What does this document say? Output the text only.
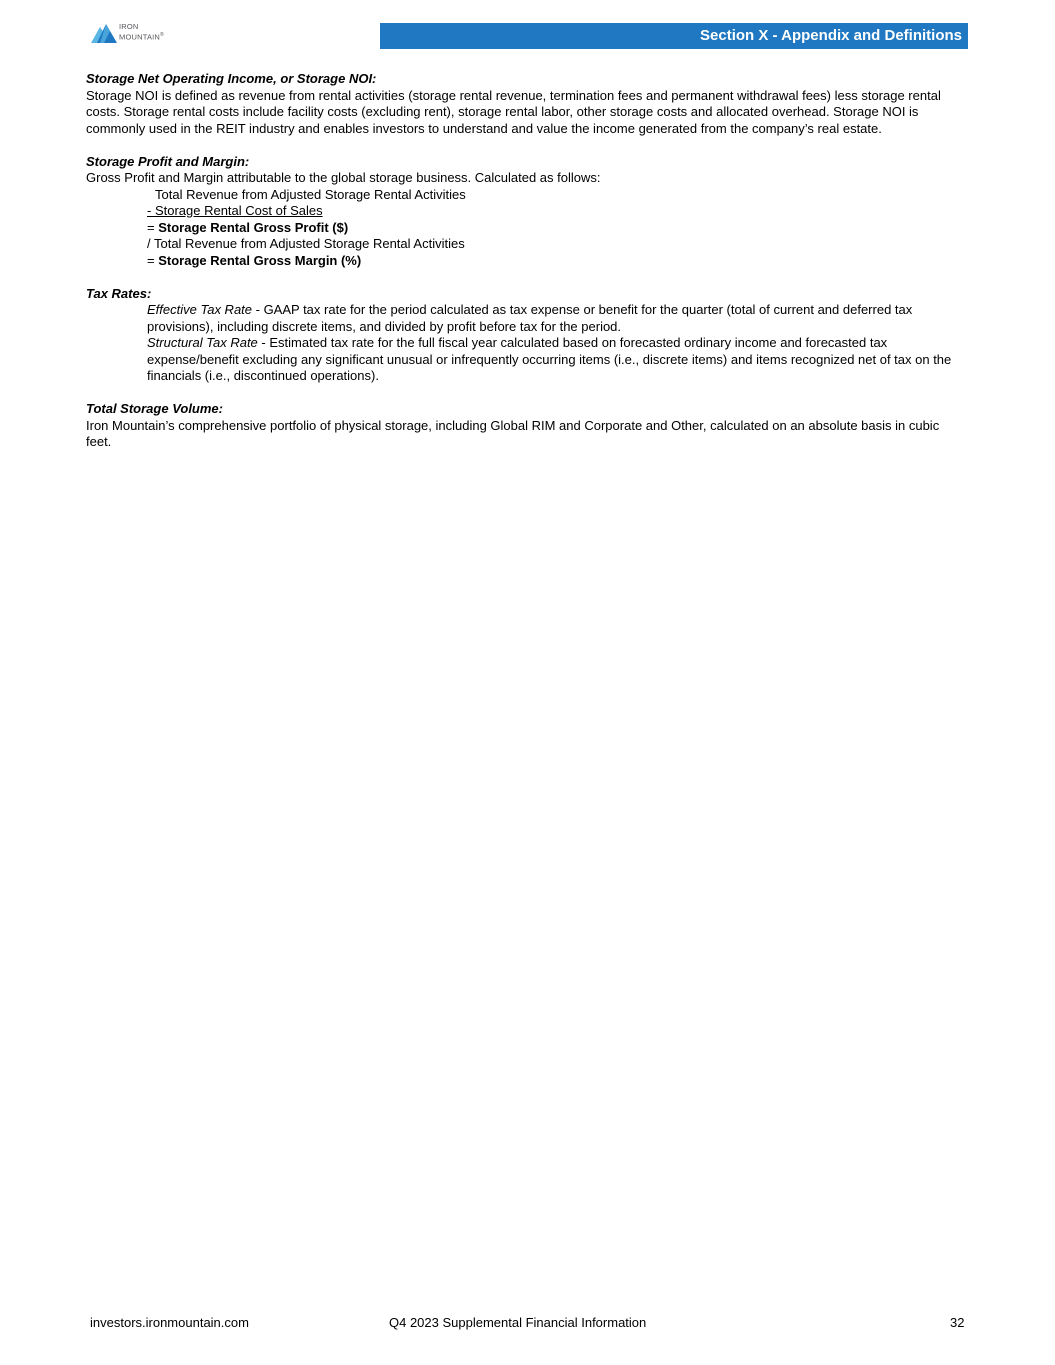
IRON
MOUNTAIN®	Section X - Appendix and Definitions

Storage Net Operating Income, or Storage NOI:

Storage NOI is defined as revenue from rental activities (storage rental revenue, termination fees and permanent withdrawal fees) less storage rental costs. Storage rental costs include facility costs (excluding rent), storage rental labor, other storage costs and allocated overhead. Storage NOI is commonly used in the REIT industry and enables investors to understand and value the income generated from the company’s real estate.

Storage Profit and Margin:

Gross Profit and Margin attributable to the global storage business. Calculated as follows:

Total Revenue from Adjusted Storage Rental Activities

- Storage Rental Cost of Sales

= Storage Rental Gross Profit ($)

/ Total Revenue from Adjusted Storage Rental Activities

= Storage Rental Gross Margin (%)

Tax Rates:

Effective Tax Rate - GAAP tax rate for the period calculated as tax expense or benefit for the quarter (total of current and deferred tax provisions), including discrete items, and divided by profit before tax for the period.

Structural Tax Rate - Estimated tax rate for the full fiscal year calculated based on forecasted ordinary income and forecasted tax expense/benefit excluding any significant unusual or infrequently occurring items (i.e., discrete items) and items recognized net of tax on the financials (i.e., discontinued operations).

Total Storage Volume:

Iron Mountain’s comprehensive portfolio of physical storage, including Global RIM and Corporate and Other, calculated on an absolute basis in cubic feet.

investors.ironmountain.com	Q4 2023 Supplemental Financial Information	32
